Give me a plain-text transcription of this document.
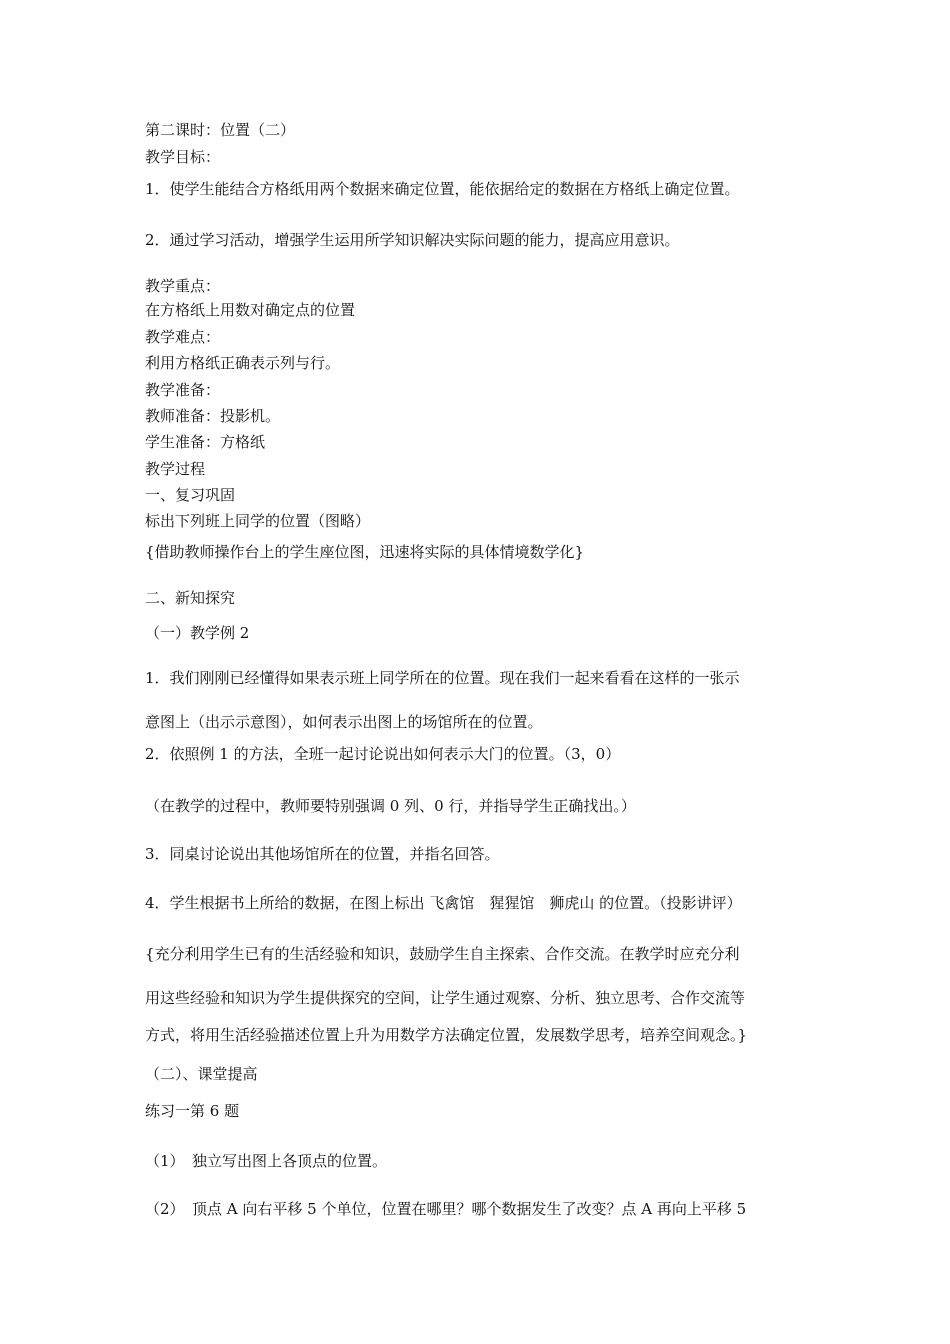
第二课时：位置（二）
教学目标：
1．使学生能结合方格纸用两个数据来确定位置，能依据给定的数据在方格纸上确定位置。
2．通过学习活动，增强学生运用所学知识解决实际问题的能力，提高应用意识。
教学重点：
在方格纸上用数对确定点的位置
教学难点：
利用方格纸正确表示列与行。
教学准备：
教师准备：投影机。
学生准备：方格纸
教学过程
一、复习巩固
标出下列班上同学的位置（图略）
{借助教师操作台上的学生座位图，迅速将实际的具体情境数学化}
二、新知探究
（一）教学例 2
1．我们刚刚已经懂得如果表示班上同学所在的位置。现在我们一起来看看在这样的一张示
意图上（出示示意图），如何表示出图上的场馆所在的位置。
2．依照例 1 的方法，全班一起讨论说出如何表示大门的位置。（3，0）
（在教学的过程中，教师要特别强调 0 列、0 行，并指导学生正确找出。）
3．同桌讨论说出其他场馆所在的位置，并指名回答。
4．学生根据书上所给的数据，在图上标出 飞禽馆　猩猩馆　狮虎山 的位置。（投影讲评）
{充分利用学生已有的生活经验和知识，鼓励学生自主探索、合作交流。在教学时应充分利
用这些经验和知识为学生提供探究的空间，让学生通过观察、分析、独立思考、合作交流等
方式，将用生活经验描述位置上升为用数学方法确定位置，发展数学思考，培养空间观念。}
（二）、课堂提高
练习一第 6 题
（1）　独立写出图上各顶点的位置。
（2）　顶点 A 向右平移 5 个单位，位置在哪里？哪个数据发生了改变？点 A 再向上平移 5
